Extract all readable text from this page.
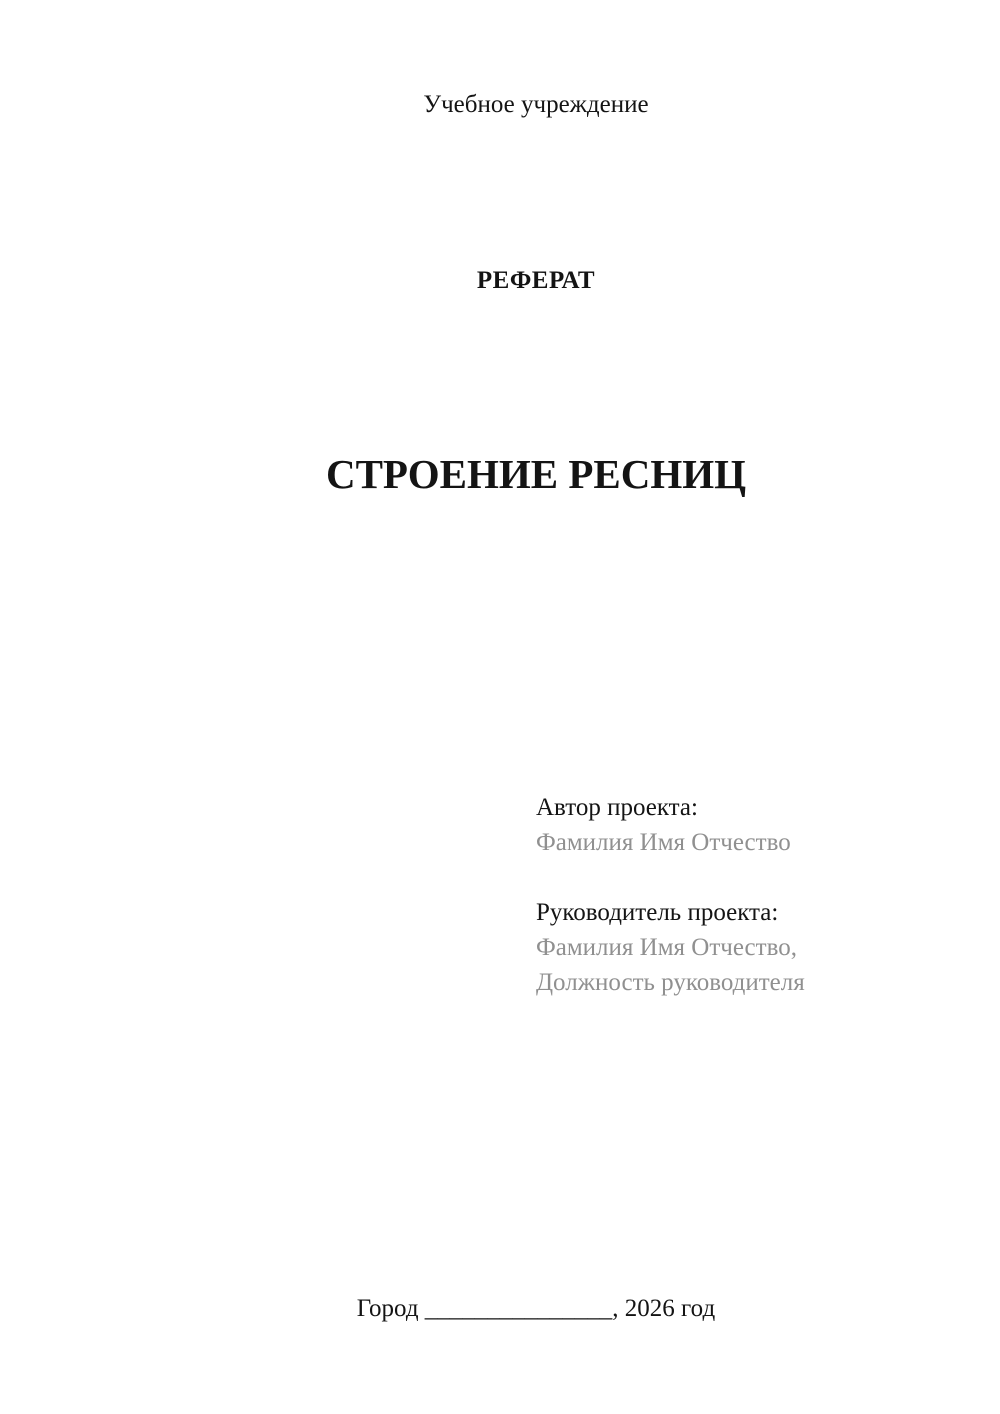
Учебное учреждение
РЕФЕРАТ
СТРОЕНИЕ РЕСНИЦ
Автор проекта:
Фамилия Имя Отчество
Руководитель проекта:
Фамилия Имя Отчество,
Должность руководителя
Город _______________, 2026 год
